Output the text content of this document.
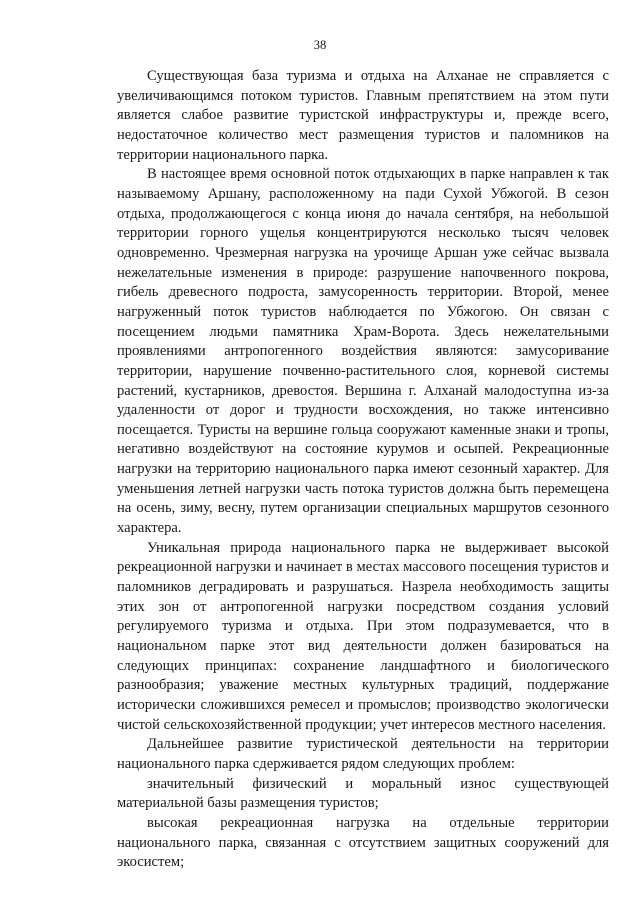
38

Существующая база туризма и отдыха на Алханае не справляется с увеличивающимся потоком туристов. Главным препятствием на этом пути является слабое развитие туристской инфраструктуры и, прежде всего, недостаточное количество мест размещения туристов и паломников на территории национального парка.

В настоящее время основной поток отдыхающих в парке направлен к так называемому Аршану, расположенному на пади Сухой Убжогой. В сезон отдыха, продолжающегося с конца июня до начала сентября, на небольшой территории горного ущелья концентрируются несколько тысяч человек одновременно. Чрезмерная нагрузка на урочище Аршан уже сейчас вызвала нежелательные изменения в природе: разрушение напочвенного покрова, гибель древесного подроста, замусоренность территории. Второй, менее нагруженный поток туристов наблюдается по Убжогою. Он связан с посещением людьми памятника Храм-Ворота. Здесь нежелательными проявлениями антропогенного воздействия являются: замусоривание территории, нарушение почвенно-растительного слоя, корневой системы растений, кустарников, древостоя. Вершина г. Алханай малодоступна из-за удаленности от дорог и трудности восхождения, но также интенсивно посещается. Туристы на вершине гольца сооружают каменные знаки и тропы, негативно воздействуют на состояние курумов и осыпей. Рекреационные нагрузки на территорию национального парка имеют сезонный характер. Для уменьшения летней нагрузки часть потока туристов должна быть перемещена на осень, зиму, весну, путем организации специальных маршрутов сезонного характера.

Уникальная природа национального парка не выдерживает высокой рекреационной нагрузки и начинает в местах массового посещения туристов и паломников деградировать и разрушаться. Назрела необходимость защиты этих зон от антропогенной нагрузки посредством создания условий регулируемого туризма и отдыха. При этом подразумевается, что в национальном парке этот вид деятельности должен базироваться на следующих принципах: сохранение ландшафтного и биологического разнообразия; уважение местных культурных традиций, поддержание исторически сложившихся ремесел и промыслов; производство экологически чистой сельскохозяйственной продукции; учет интересов местного населения.

Дальнейшее развитие туристической деятельности на территории национального парка сдерживается рядом следующих проблем:

значительный физический и моральный износ существующей материальной базы размещения туристов;

высокая рекреационная нагрузка на отдельные территории национального парка, связанная с отсутствием защитных сооружений для экосистем;
